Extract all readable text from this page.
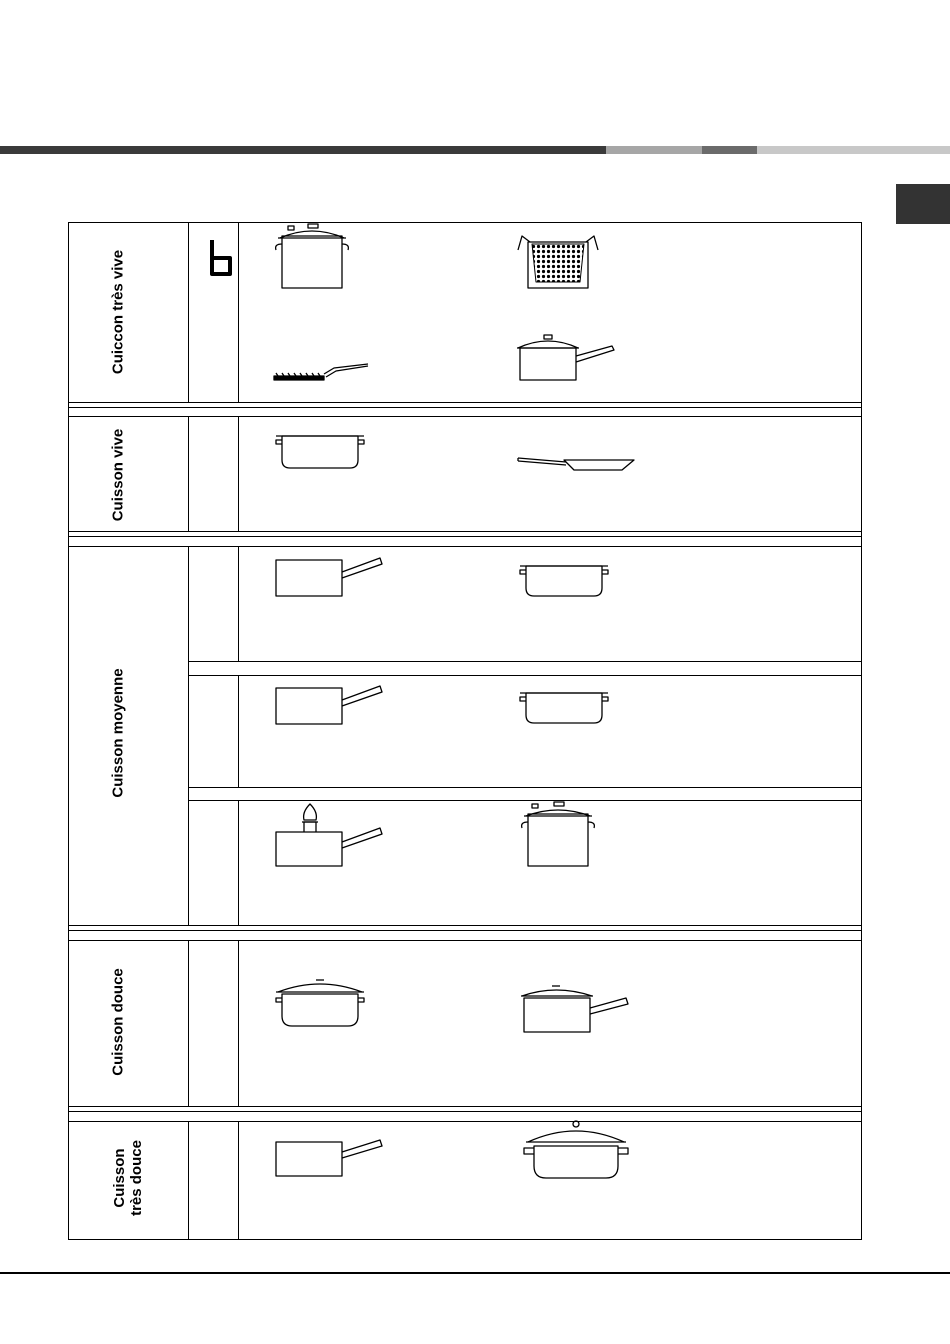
Cuiccon très vive
Cuisson vive
Cuisson moyenne
Cuisson douce
Cuisson
très douce
